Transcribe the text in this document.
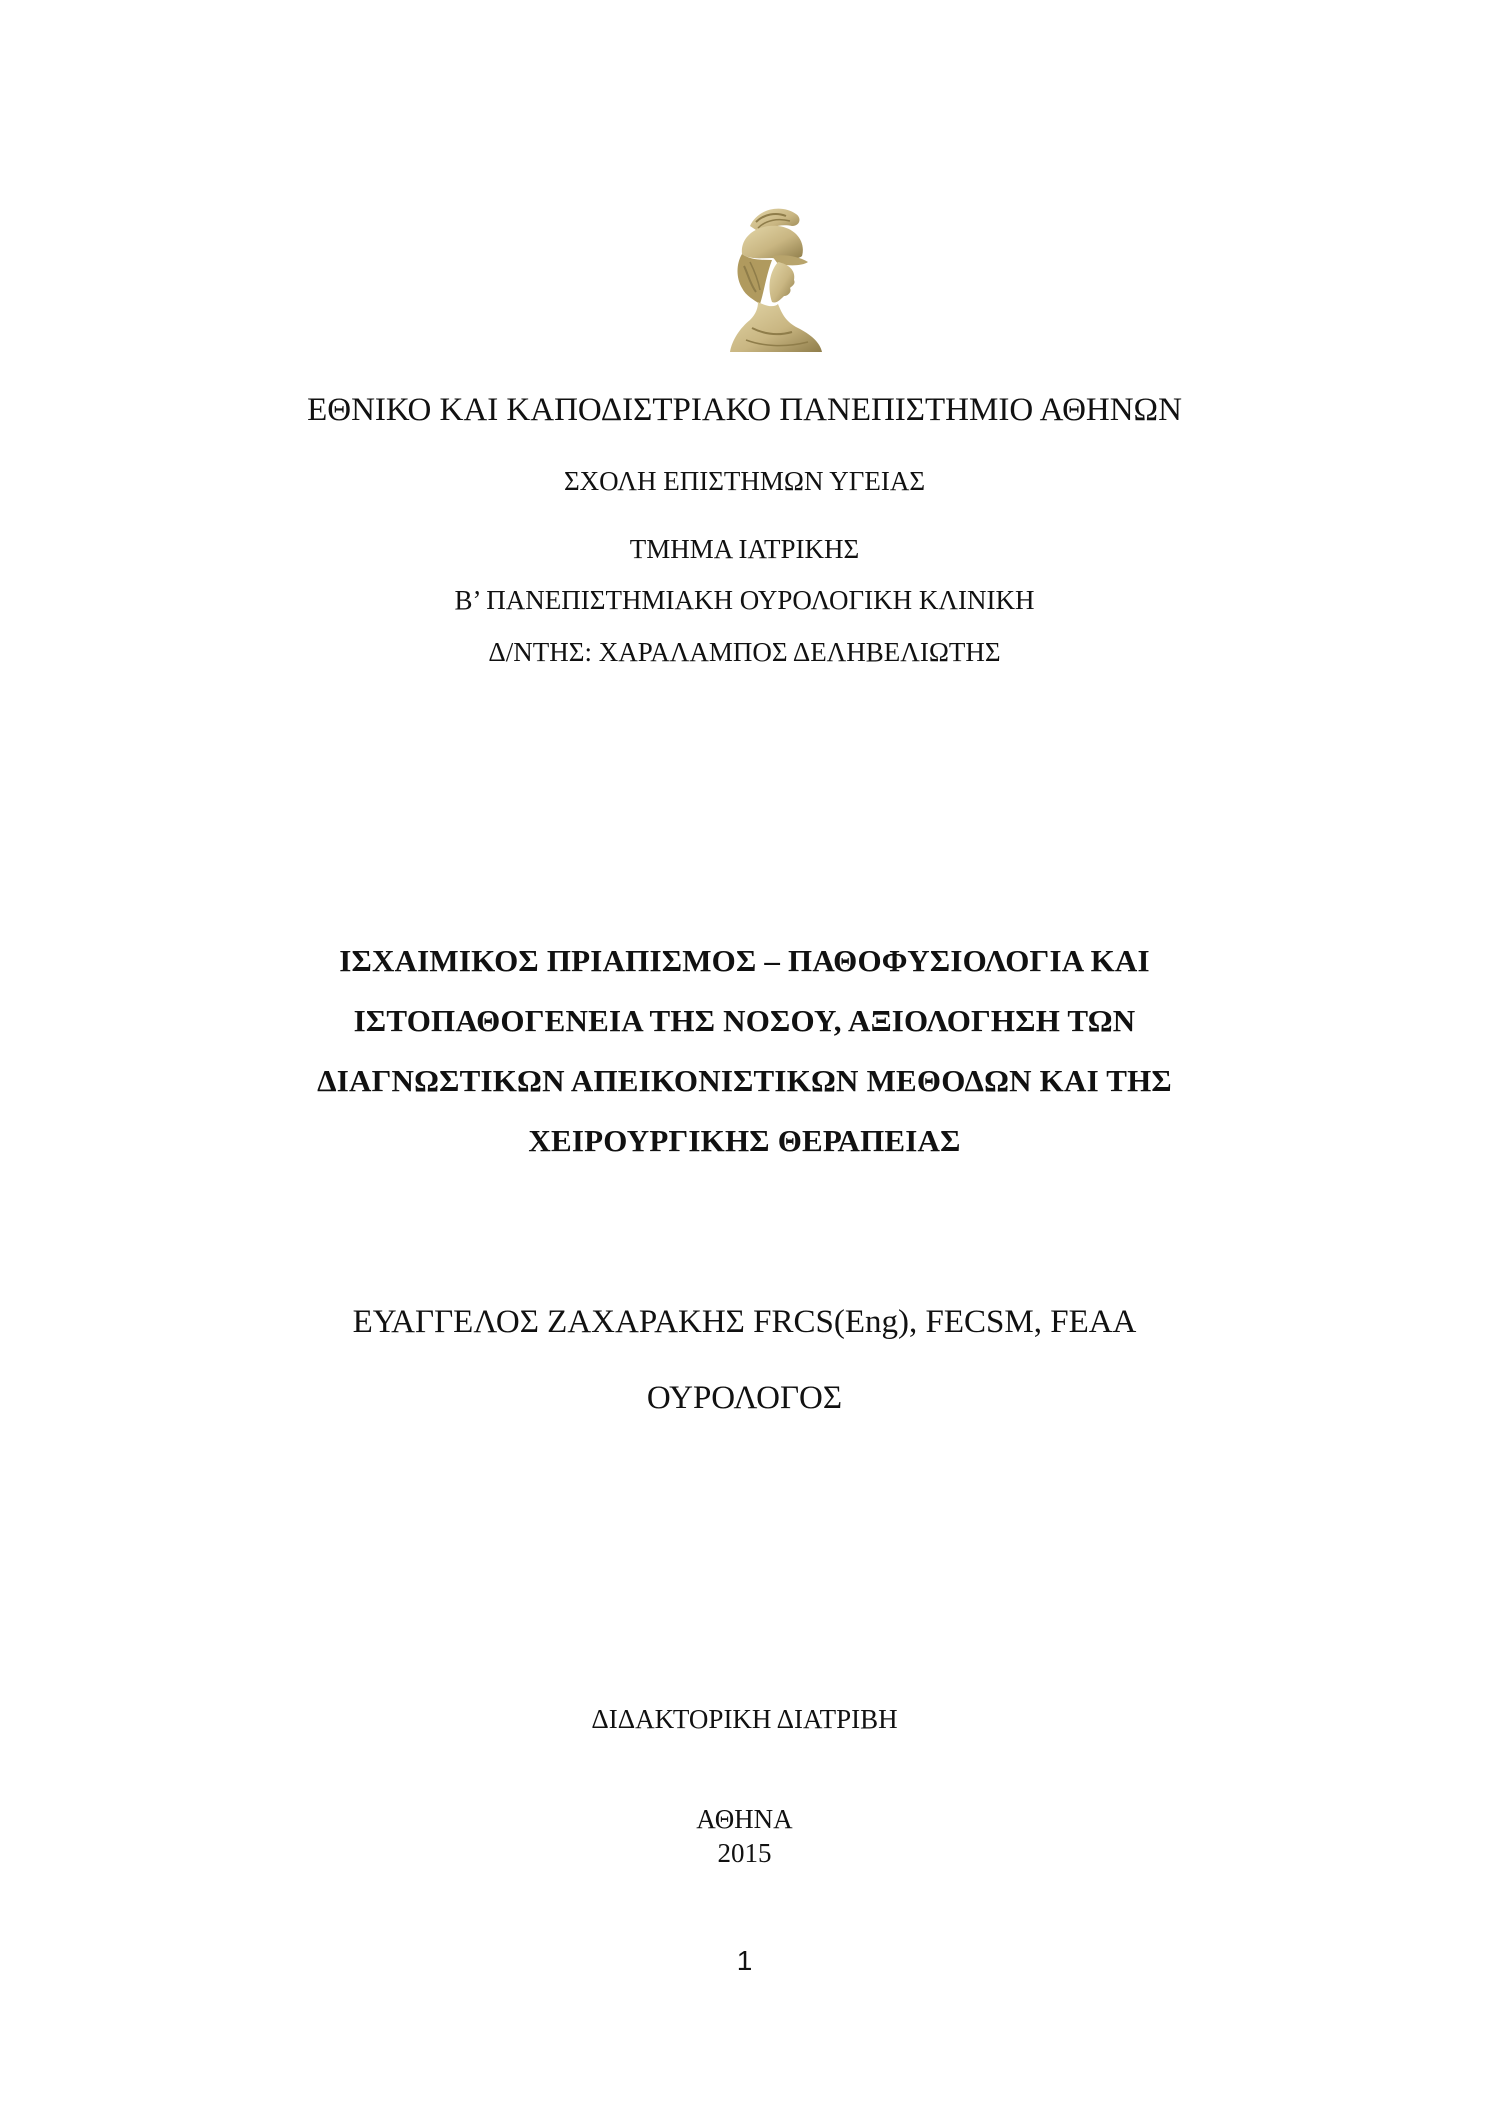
ΕΘΝΙΚΟ ΚΑΙ ΚΑΠΟΔΙΣΤΡΙΑΚΟ ΠΑΝΕΠΙΣΤΗΜΙΟ ΑΘΗΝΩΝ
ΣΧΟΛΗ ΕΠΙΣΤΗΜΩΝ ΥΓΕΙΑΣ
ΤΜΗΜΑ ΙΑΤΡΙΚΗΣ
Β’ ΠΑΝΕΠΙΣΤΗΜΙΑΚΗ ΟΥΡΟΛΟΓΙΚΗ ΚΛΙΝΙΚΗ
Δ/ΝΤΗΣ: ΧΑΡΑΛΑΜΠΟΣ ΔΕΛΗΒΕΛΙΩΤΗΣ
ΙΣΧΑΙΜΙΚΟΣ ΠΡΙΑΠΙΣΜΟΣ – ΠΑΘΟΦΥΣΙΟΛΟΓΙΑ ΚΑΙ
ΙΣΤΟΠΑΘΟΓΕΝΕΙΑ ΤΗΣ ΝΟΣΟΥ, ΑΞΙΟΛΟΓΗΣΗ ΤΩΝ
ΔΙΑΓΝΩΣΤΙΚΩΝ ΑΠΕΙΚΟΝΙΣΤΙΚΩΝ ΜΕΘΟΔΩΝ ΚΑΙ ΤΗΣ
ΧΕΙΡΟΥΡΓΙΚΗΣ ΘΕΡΑΠΕΙΑΣ
ΕΥΑΓΓΕΛΟΣ ΖΑΧΑΡΑΚΗΣ FRCS(Eng), FECSM, FEAA
ΟΥΡΟΛΟΓΟΣ
ΔΙΔΑΚΤΟΡΙΚΗ ΔΙΑΤΡΙΒΗ
ΑΘΗΝΑ
2015
1
